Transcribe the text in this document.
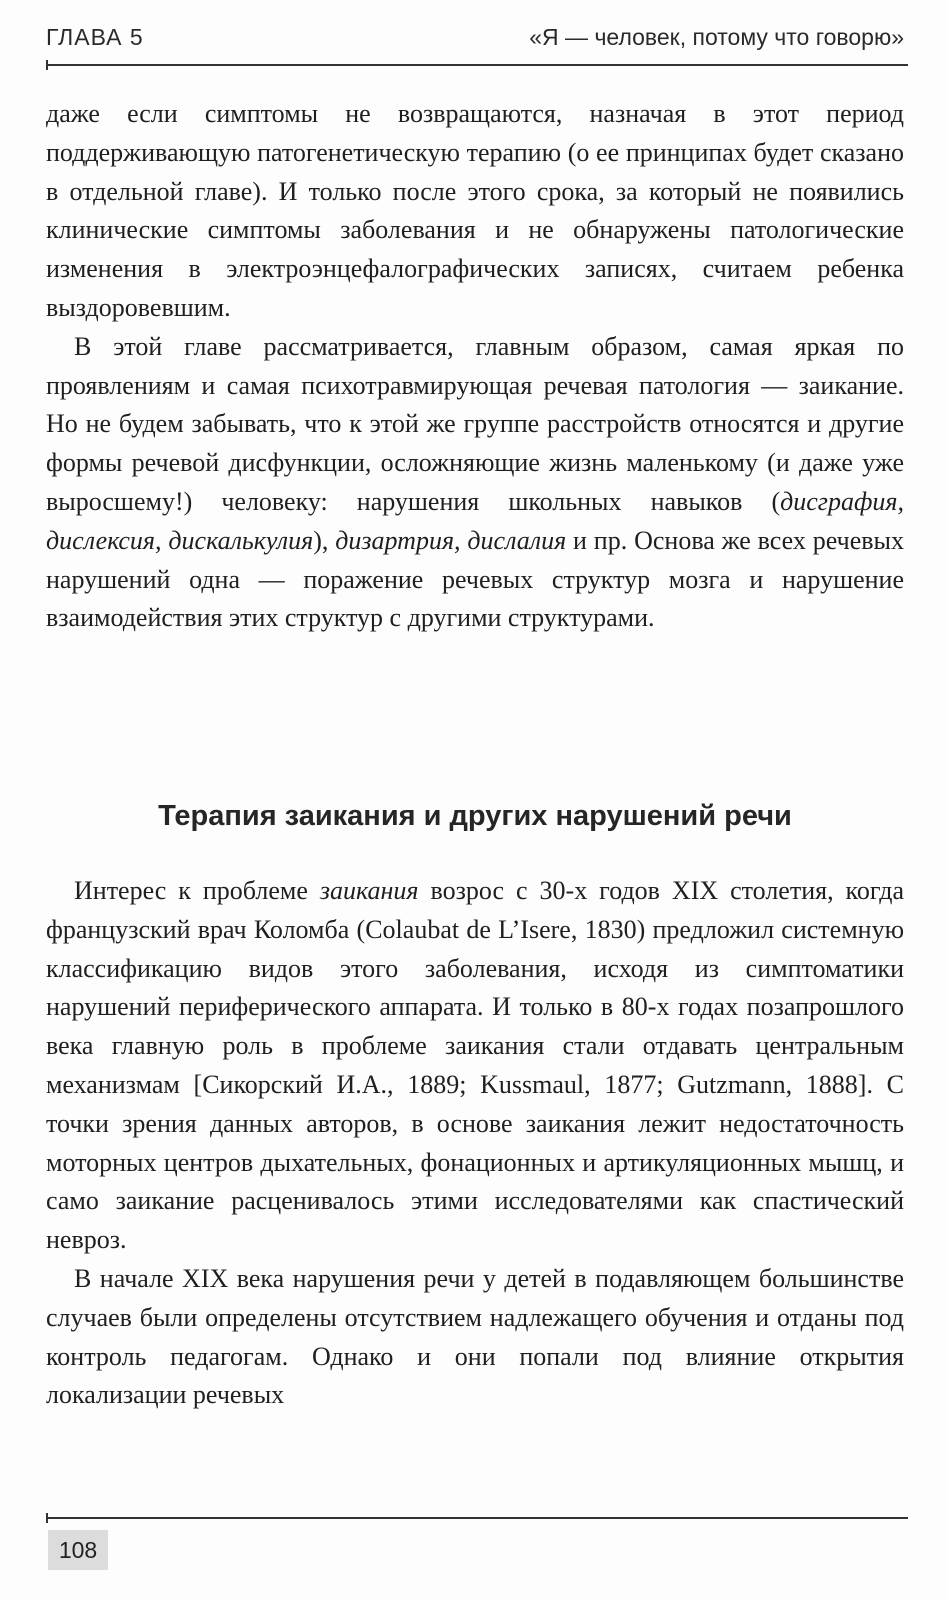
ГЛАВА 5	«Я — человек, потому что говорю»

даже если симптомы не возвращаются, назначая в этот период поддерживающую патогенетическую терапию (о ее принципах будет сказано в отдельной главе). И только после этого срока, за который не появились клинические симптомы заболевания и не обнаружены патологические изменения в электроэнцефалографических записях, считаем ребенка выздоровевшим.

В этой главе рассматривается, главным образом, самая яркая по проявлениям и самая психотравмирующая речевая патология — заикание. Но не будем забывать, что к этой же группе расстройств относятся и другие формы речевой дисфункции, осложняющие жизнь маленькому (и даже уже выросшему!) человеку: нарушения школьных навыков (дисграфия, дислексия, дискалькулия), дизартрия, дислалия и пр. Основа же всех речевых нарушений одна — поражение речевых структур мозга и нарушение взаимодействия этих структур с другими структурами.

Терапия заикания и других нарушений речи

Интерес к проблеме заикания возрос с 30-х годов XIX столетия, когда французский врач Коломба (Colaubat de L’Isere, 1830) предложил системную классификацию видов этого заболевания, исходя из симптоматики нарушений периферического аппарата. И только в 80-х годах позапрошлого века главную роль в проблеме заикания стали отдавать центральным механизмам [Сикорский И.А., 1889; Kussmaul, 1877; Gutzmann, 1888]. С точки зрения данных авторов, в основе заикания лежит недостаточность моторных центров дыхательных, фонационных и артикуляционных мышц, и само заикание расценивалось этими исследователями как спастический невроз.

В начале XIX века нарушения речи у детей в подавляющем большинстве случаев были определены отсутствием надлежащего обучения и отданы под контроль педагогам. Однако и они попали под влияние открытия локализации речевых

108
